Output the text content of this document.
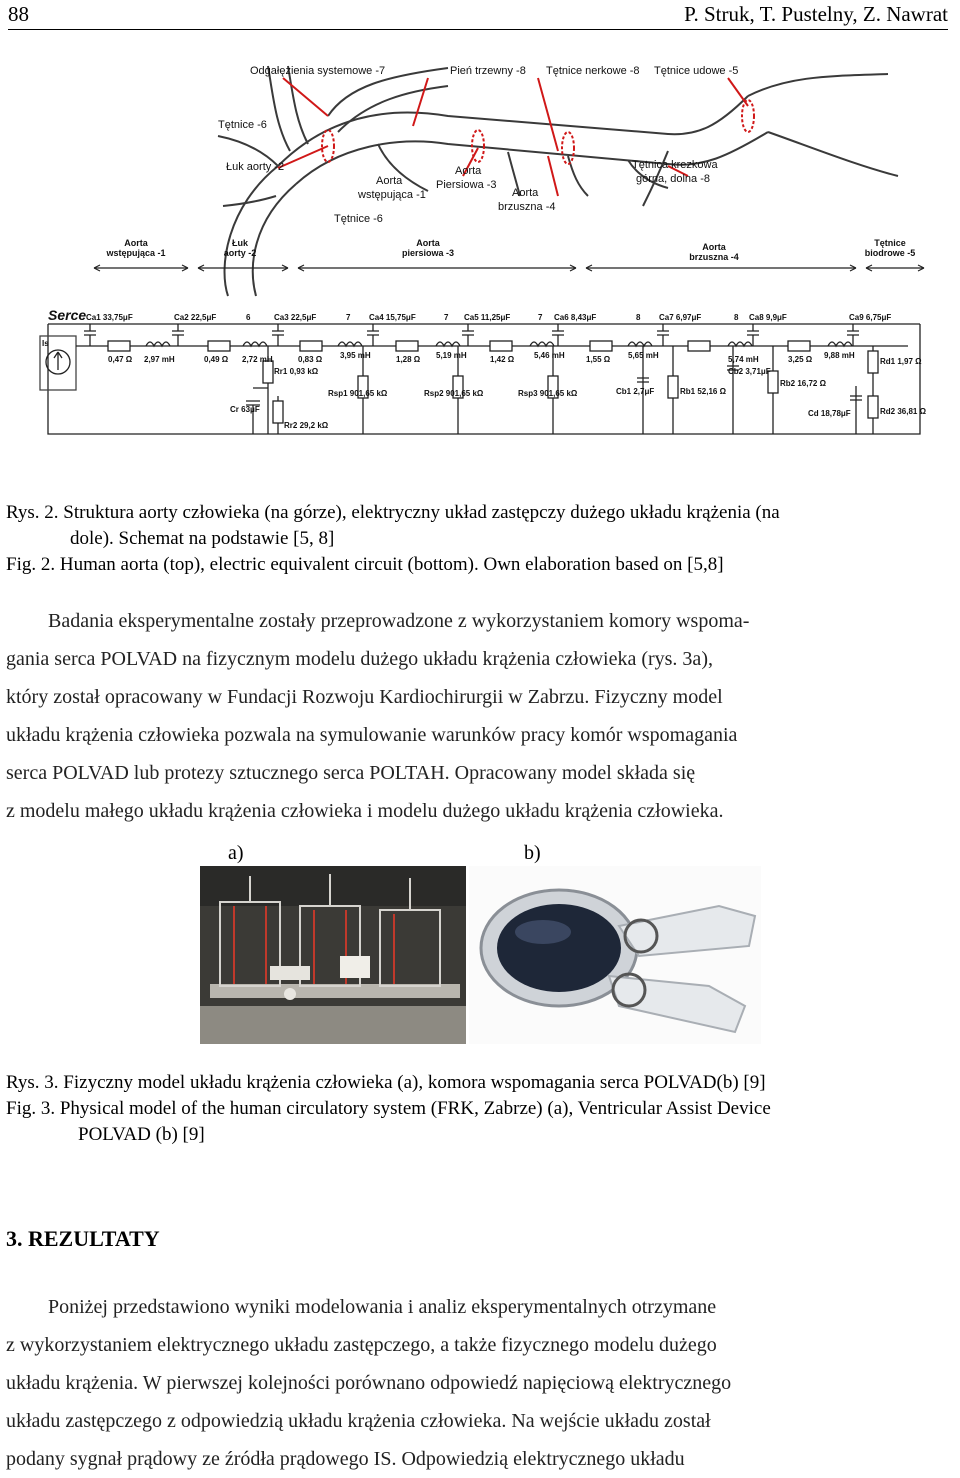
88	P. Struk, T. Pustelny, Z. Nawrat
Odgałęzienia systemowe -7	Pień trzewny -8 Tętnice nerkowe -8 Tętnice udowe -5
Tętnice -6
Łuk aorty -2
Aorta
wstępująca -1
Aorta
Piersiowa -3
Aorta
brzuszna -4
Tętnica krezkowa
górna, dolna -8
Tętnice -6
Aorta
wstępująca -1
Łuk
aorty -2
Aorta
piersiowa -3
Aorta
brzuszna -4
Tętnice
biodrowe -5
Serce
Is
Ca1 33,75μF	Ca2 22,5μF	Ca3 22,5μF	Ca4 15,75μF	Ca5 11,25μF	Ca6 8,43μF	Ca7 6,97μF	Ca8 9,9μF	Ca9 6,75μF
6	7	7	7	8	8
0,47 Ω	0,49 Ω	0,83 Ω	1,28 Ω	1,42 Ω	1,55 Ω	5,74 mH	3,25 Ω
2,97 mH	2,72 mH	3,95 mH	5,19 mH	5,46 mH	5,65 mH	9,88 mH
Rr1 0,93 kΩ
Cr 63μF
Rr2 29,2 kΩ
Rsp1 901,65 kΩ	Rsp2 901,65 kΩ	Rsp3 901,65 kΩ	Cb1 2,7μF	Rb1 52,16 Ω
Cb2 3,71μF
Rb2 16,72 Ω
Rd1 1,97 Ω
Cd 18,78μF	Rd2 36,81 Ω
Rys. 2. Struktura aorty człowieka (na górze), elektryczny układ zastępczy dużego układu krążenia (na
dole). Schemat na podstawie [5, 8]
Fig. 2. Human aorta (top), electric equivalent circuit (bottom). Own elaboration based on [5,8]
Badania eksperymentalne zostały przeprowadzone z wykorzystaniem komory wspoma-
gania serca POLVAD na fizycznym modelu dużego układu krążenia człowieka (rys. 3a),
który został opracowany w Fundacji Rozwoju Kardiochirurgii w Zabrzu. Fizyczny model
układu krążenia człowieka pozwala na symulowanie warunków pracy komór wspomagania
serca POLVAD lub protezy sztucznego serca POLTAH. Opracowany model składa się
z modelu małego układu krążenia człowieka i modelu dużego układu krążenia człowieka.
a)	b)
Rys. 3. Fizyczny model układu krążenia człowieka (a), komora wspomagania serca POLVAD(b) [9]
Fig. 3. Physical model of the human circulatory system (FRK, Zabrze) (a), Ventricular Assist Device
POLVAD (b) [9]
3. REZULTATY
Poniżej przedstawiono wyniki modelowania i analiz eksperymentalnych otrzymane
z wykorzystaniem elektrycznego układu zastępczego, a także fizycznego modelu dużego
układu krążenia. W pierwszej kolejności porównano odpowiedź napięciową elektrycznego
układu zastępczego z odpowiedzią układu krążenia człowieka. Na wejście układu został
podany sygnał prądowy ze źródła prądowego IS. Odpowiedzią elektrycznego układu
